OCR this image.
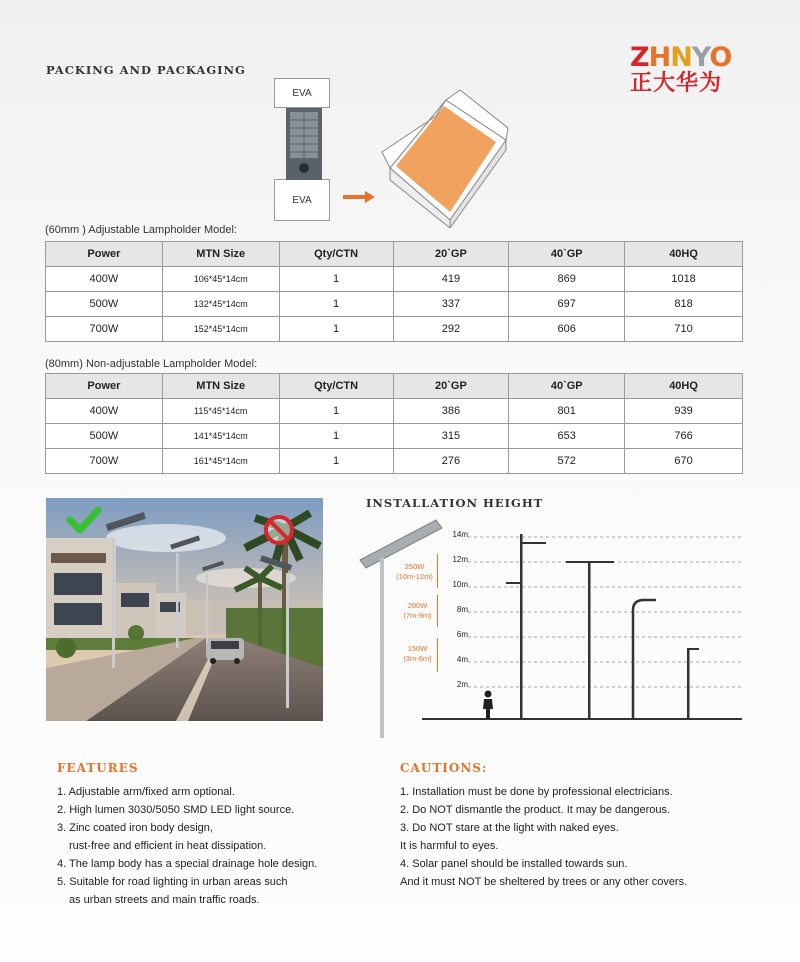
PACKING AND PACKAGING	ZHNYO
正大华为
EVA
EVA
(60mm ) Adjustable Lampholder Model:
Power	MTN Size	Qty/CTN	20`GP	40`GP	40HQ
400W	106*45*14cm	1	419	869	1018
500W	132*45*14cm	1	337	697	818
700W	152*45*14cm	1	292	606	710
(80mm) Non-adjustable Lampholder Model:
Power	MTN Size	Qty/CTN	20`GP	40`GP	40HQ
400W	115*45*14cm	1	386	801	939
500W	141*45*14cm	1	315	653	766
700W	161*45*14cm	1	276	572	670
INSTALLATION HEIGHT
14m
12m
10m
8m
6m
4m
2m
250W
(10m-12m)
200W
(7m-9m)
150W
(3m-6m)
FEATURES
1. Adjustable arm/fixed arm optional.
2. High lumen 3030/5050 SMD LED light source.
3. Zinc coated iron body design,
rust-free and efficient in heat dissipation.
4. The lamp body has a special drainage hole design.
5. Suitable for road lighting in urban areas such
as urban streets and main traffic roads.
CAUTIONS:
1. Installation must be done by professional electricians.
2. Do NOT dismantle the product. It may be dangerous.
3. Do NOT stare at the light with naked eyes.
It is harmful to eyes.
4. Solar panel should be installed towards sun.
And it must NOT be sheltered by trees or any other covers.
